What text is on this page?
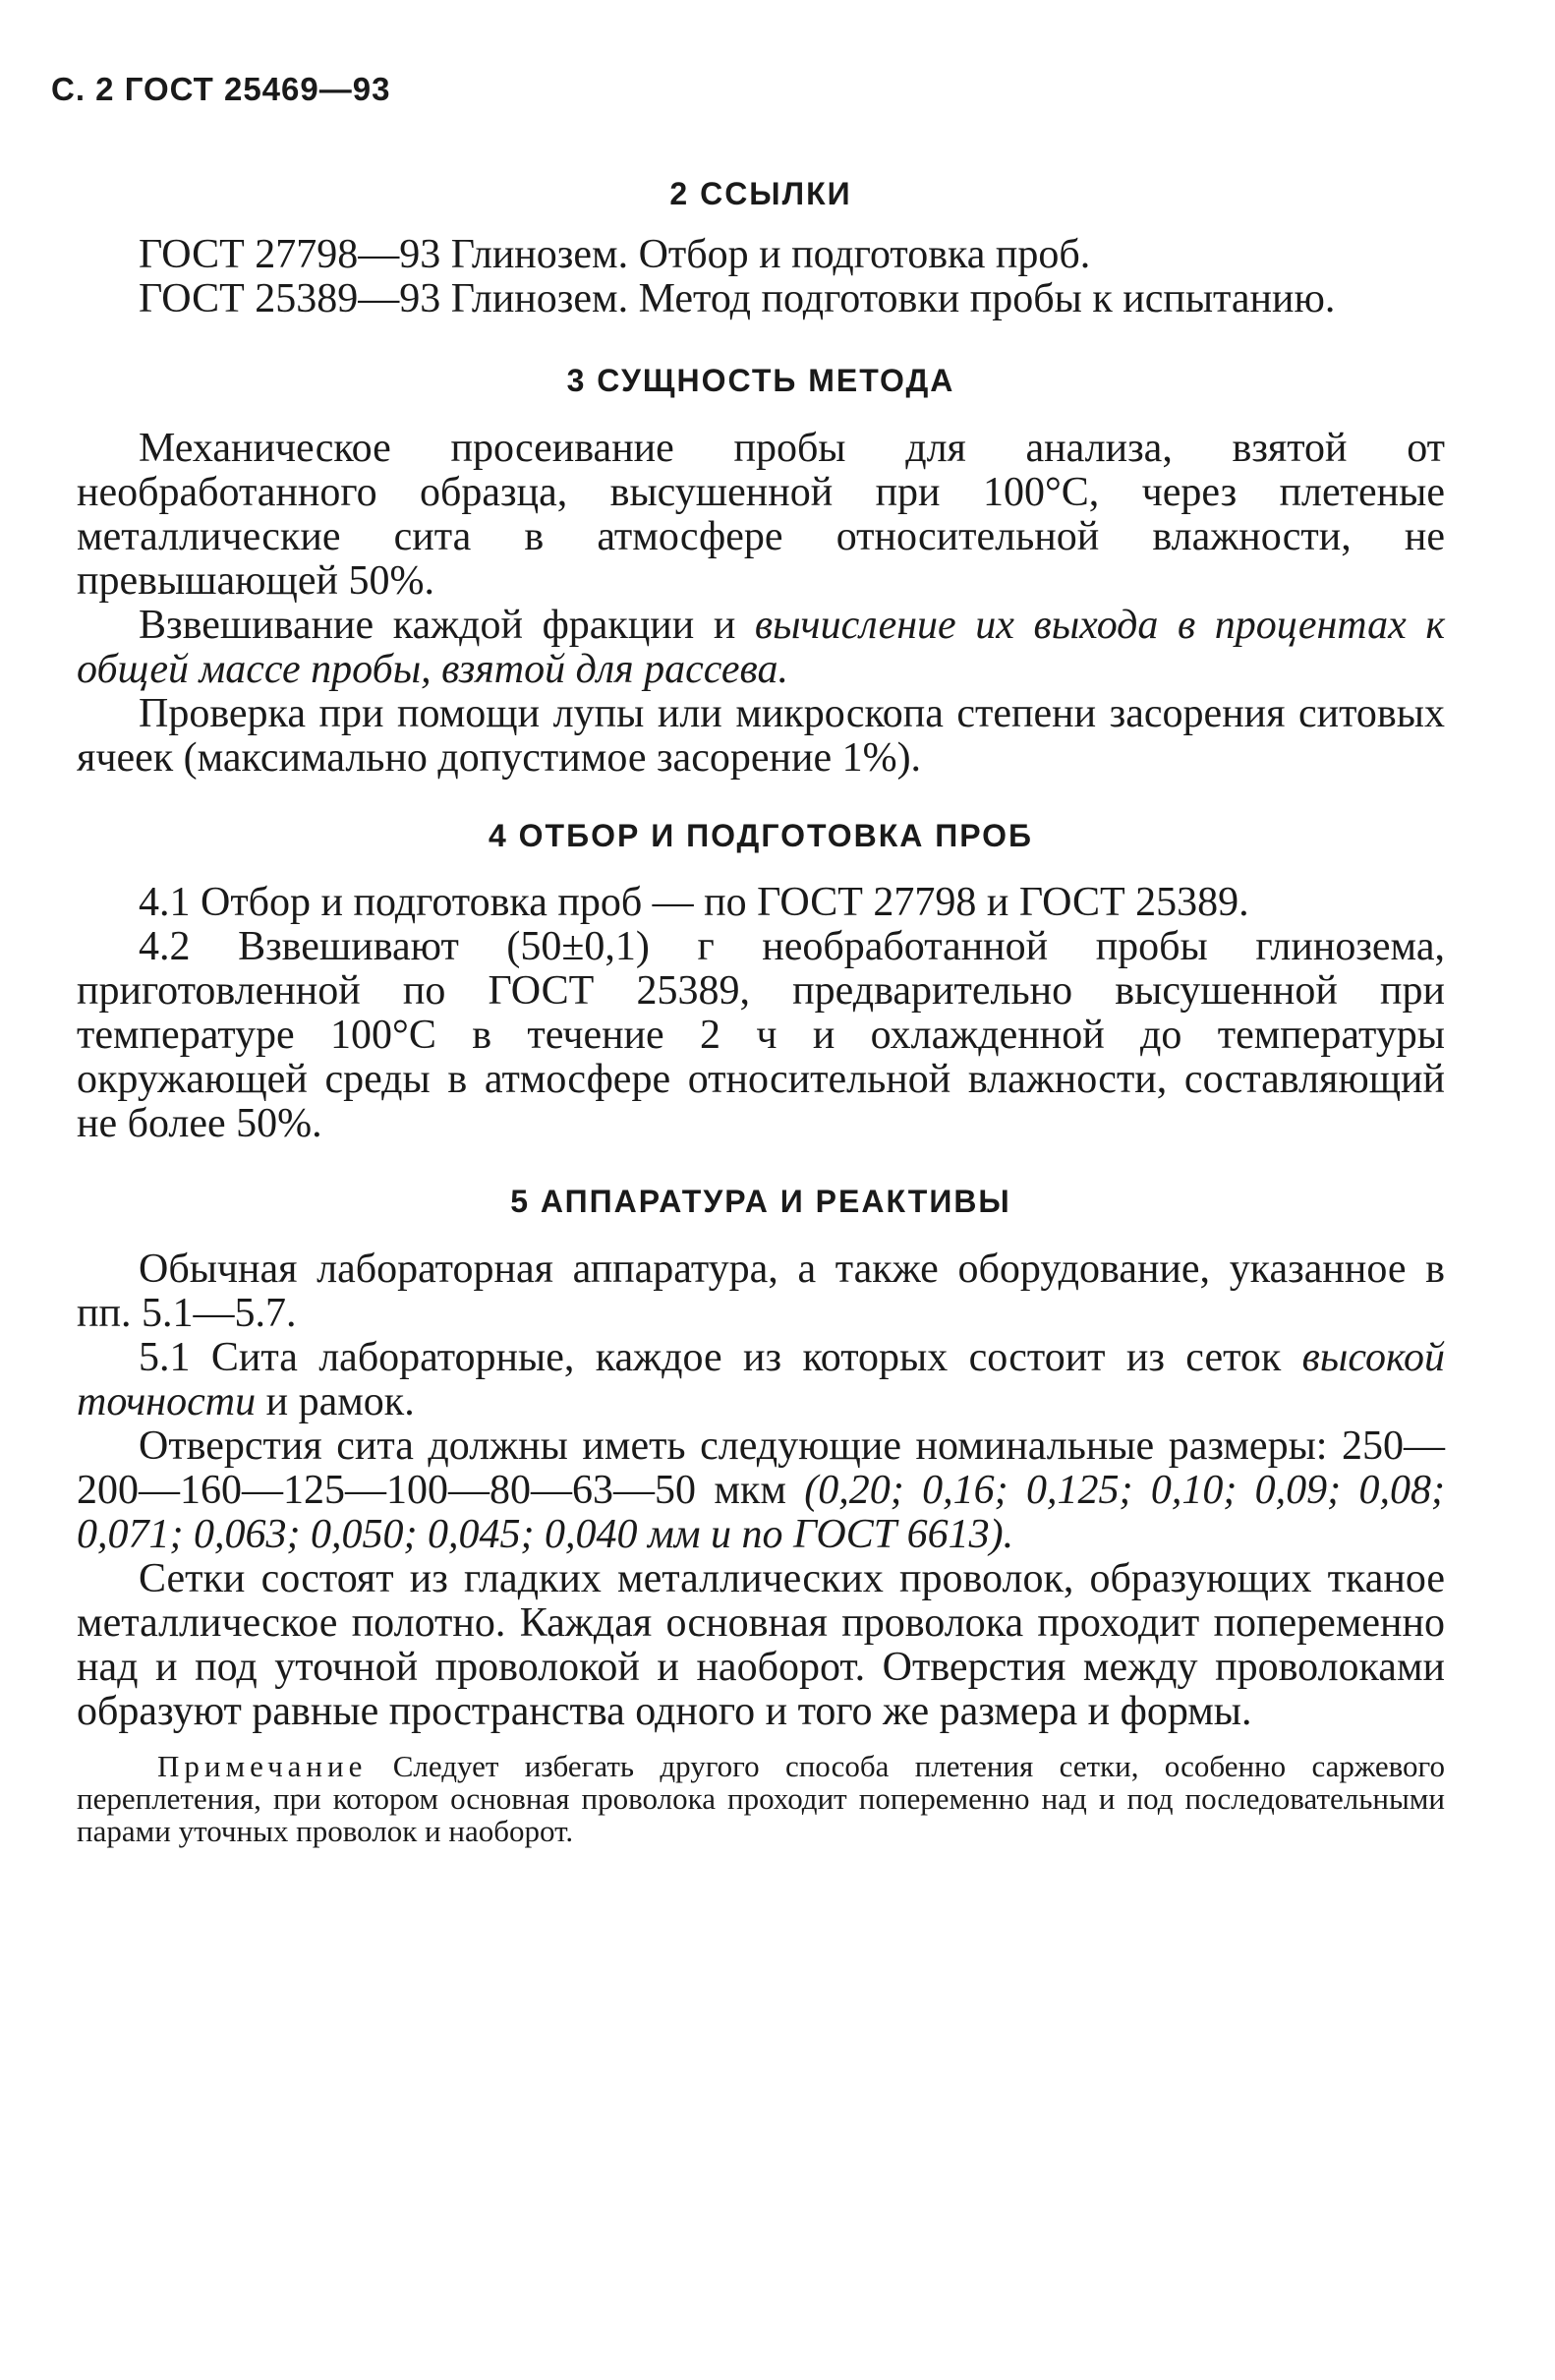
С. 2 ГОСТ 25469—93
2 ССЫЛКИ

ГОСТ 27798—93 Глинозем. Отбор и подготовка проб.

ГОСТ 25389—93 Глинозем. Метод подготовки пробы к испытанию.

3 СУЩНОСТЬ МЕТОДА

Механическое просеивание пробы для анализа, взятой от необработанного образца, высушенной при 100°С, через плетеные металлические сита в атмосфере относительной влажности, не превышающей 50%.

Взвешивание каждой фракции и вычисление их выхода в процентах к общей массе пробы, взятой для рассева.

Проверка при помощи лупы или микроскопа степени засорения ситовых ячеек (максимально допустимое засорение 1%).

4 ОТБОР И ПОДГОТОВКА ПРОБ

4.1 Отбор и подготовка проб — по ГОСТ 27798 и ГОСТ 25389.

4.2 Взвешивают (50±0,1) г необработанной пробы глинозема, приготовленной по ГОСТ 25389, предварительно высушенной при температуре 100°С в течение 2 ч и охлажденной до температуры окружающей среды в атмосфере относительной влажности, составляющий не более 50%.

5 АППАРАТУРА И РЕАКТИВЫ

Обычная лабораторная аппаратура, а также оборудование, указанное в пп. 5.1—5.7.

5.1 Сита лабораторные, каждое из которых состоит из сеток высокой точности и рамок.

Отверстия сита должны иметь следующие номинальные размеры: 250—200—160—125—100—80—63—50 мкм (0,20; 0,16; 0,125; 0,10; 0,09; 0,08; 0,071; 0,063; 0,050; 0,045; 0,040 мм и по ГОСТ 6613).

Сетки состоят из гладких металлических проволок, образующих тканое металлическое полотно. Каждая основная проволока проходит попеременно над и под уточной проволокой и наоборот. Отверстия между проволоками образуют равные пространства одного и того же размера и формы.

Примечание Следует избегать другого способа плетения сетки, особенно саржевого переплетения, при котором основная проволока проходит попеременно над и под последовательными парами уточных проволок и наоборот.
